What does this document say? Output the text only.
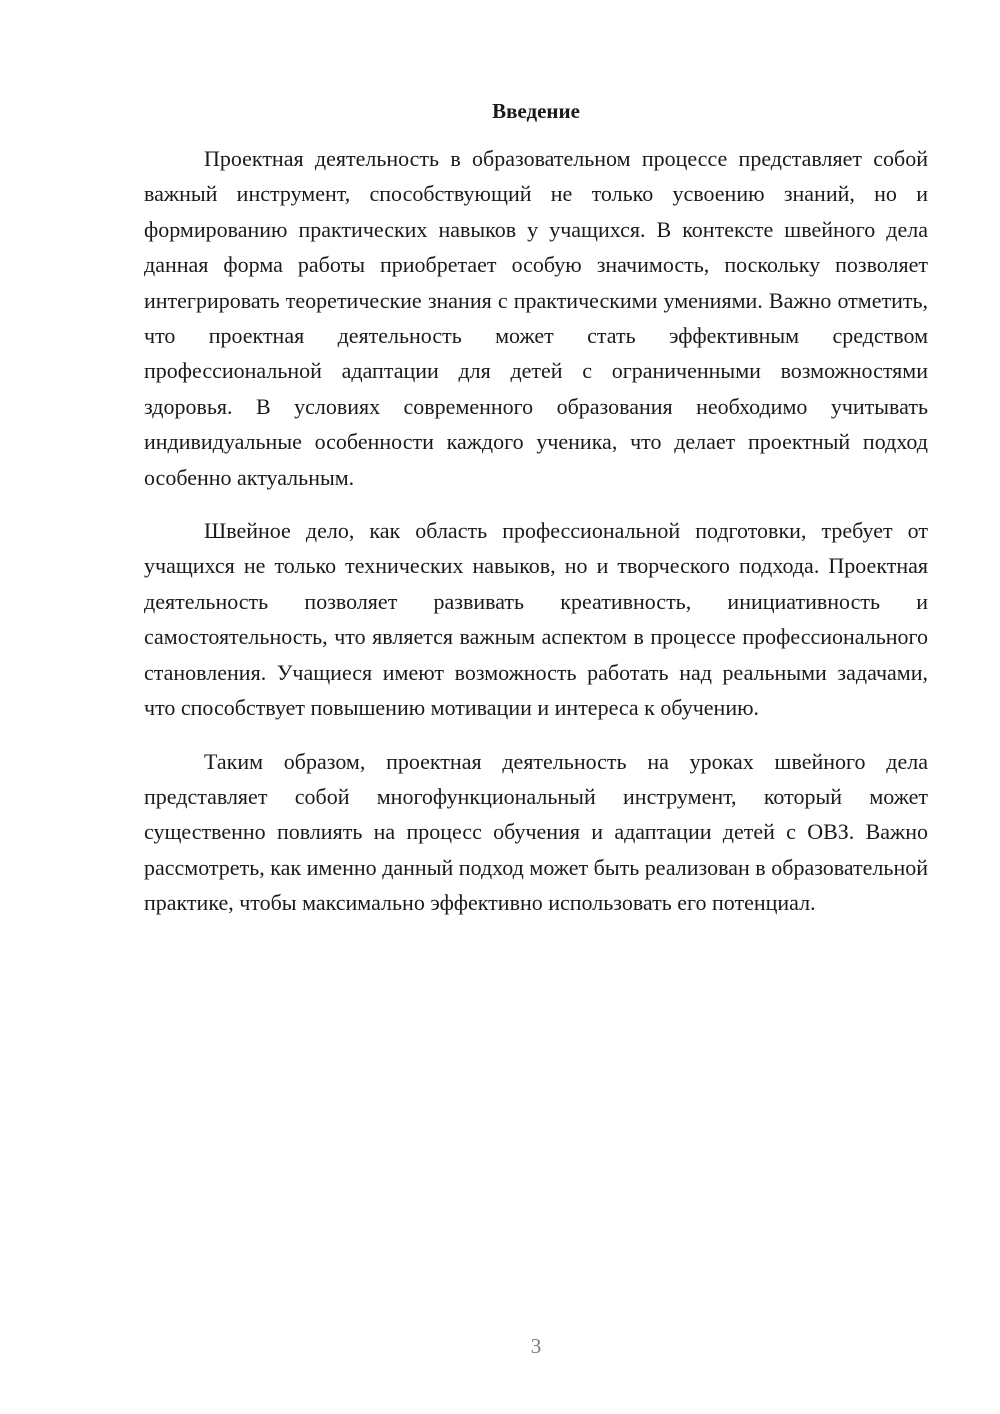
Введение

Проектная деятельность в образовательном процессе представляет собой важный инструмент, способствующий не только усвоению знаний, но и формированию практических навыков у учащихся. В контексте швейного дела данная форма работы приобретает особую значимость, поскольку позволяет интегрировать теоретические знания с практическими умениями. Важно отметить, что проектная деятельность может стать эффективным средством профессиональной адаптации для детей с ограниченными возможностями здоровья. В условиях современного образования необходимо учитывать индивидуальные особенности каждого ученика, что делает проектный подход особенно актуальным.

Швейное дело, как область профессиональной подготовки, требует от учащихся не только технических навыков, но и творческого подхода. Проектная деятельность позволяет развивать креативность, инициативность и самостоятельность, что является важным аспектом в процессе профессионального становления. Учащиеся имеют возможность работать над реальными задачами, что способствует повышению мотивации и интереса к обучению.

Таким образом, проектная деятельность на уроках швейного дела представляет собой многофункциональный инструмент, который может существенно повлиять на процесс обучения и адаптации детей с ОВЗ. Важно рассмотреть, как именно данный подход может быть реализован в образовательной практике, чтобы максимально эффективно использовать его потенциал.

3
